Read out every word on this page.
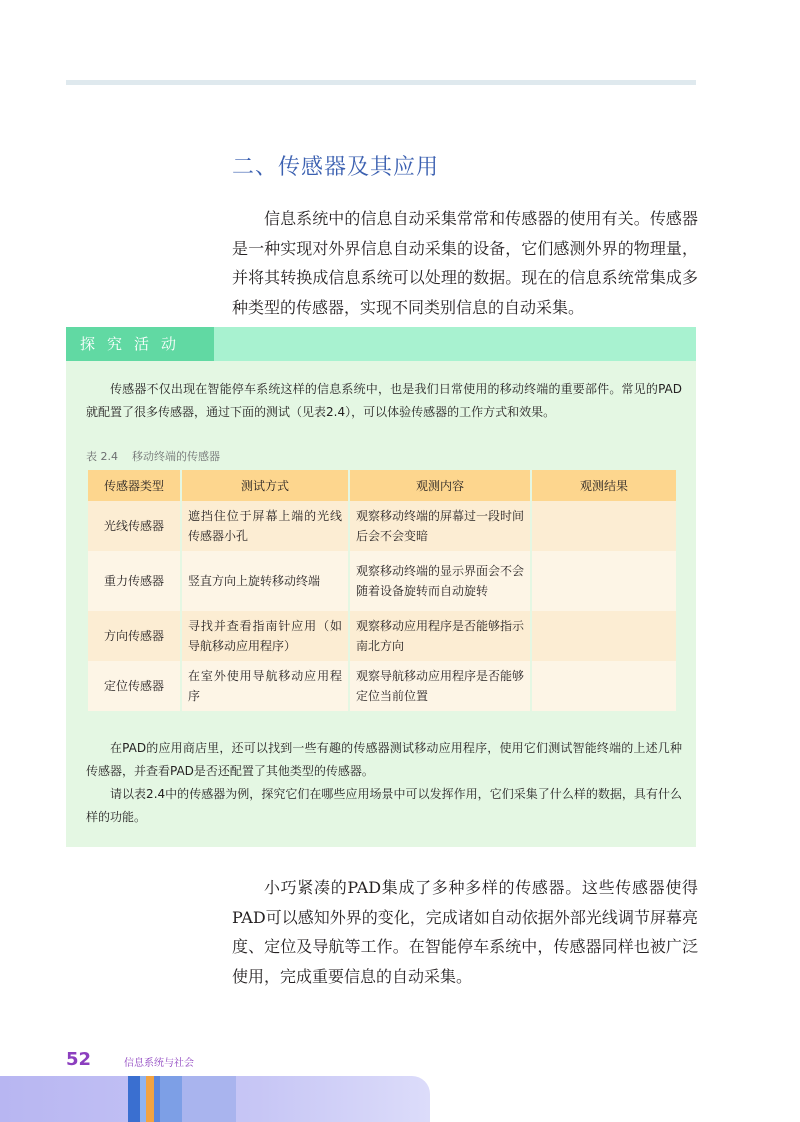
二、传感器及其应用

信息系统中的信息自动采集常常和传感器的使用有关。传感器是一种实现对外界信息自动采集的设备，它们感测外界的物理量，并将其转换成信息系统可以处理的数据。现在的信息系统常集成多种类型的传感器，实现不同类别信息的自动采集。

探究活动

传感器不仅出现在智能停车系统这样的信息系统中，也是我们日常使用的移动终端的重要部件。常见的PAD就配置了很多传感器，通过下面的测试（见表2.4），可以体验传感器的工作方式和效果。

表 2.4 移动终端的传感器
传感器类型	测试方式	观测内容	观测结果
光线传感器	遮挡住位于屏幕上端的光线传感器小孔	观察移动终端的屏幕过一段时间后会不会变暗	
重力传感器	竖直方向上旋转移动终端	观察移动终端的显示界面会不会随着设备旋转而自动旋转	
方向传感器	寻找并查看指南针应用（如导航移动应用程序）	观察移动应用程序是否能够指示南北方向	
定位传感器	在室外使用导航移动应用程序	观察导航移动应用程序是否能够定位当前位置	

在PAD的应用商店里，还可以找到一些有趣的传感器测试移动应用程序，使用它们测试智能终端的上述几种传感器，并查看PAD是否还配置了其他类型的传感器。

请以表2.4中的传感器为例，探究它们在哪些应用场景中可以发挥作用，它们采集了什么样的数据，具有什么样的功能。

小巧紧凑的PAD集成了多种多样的传感器。这些传感器使得PAD可以感知外界的变化，完成诸如自动依据外部光线调节屏幕亮度、定位及导航等工作。在智能停车系统中，传感器同样也被广泛使用，完成重要信息的自动采集。

52	信息系统与社会
